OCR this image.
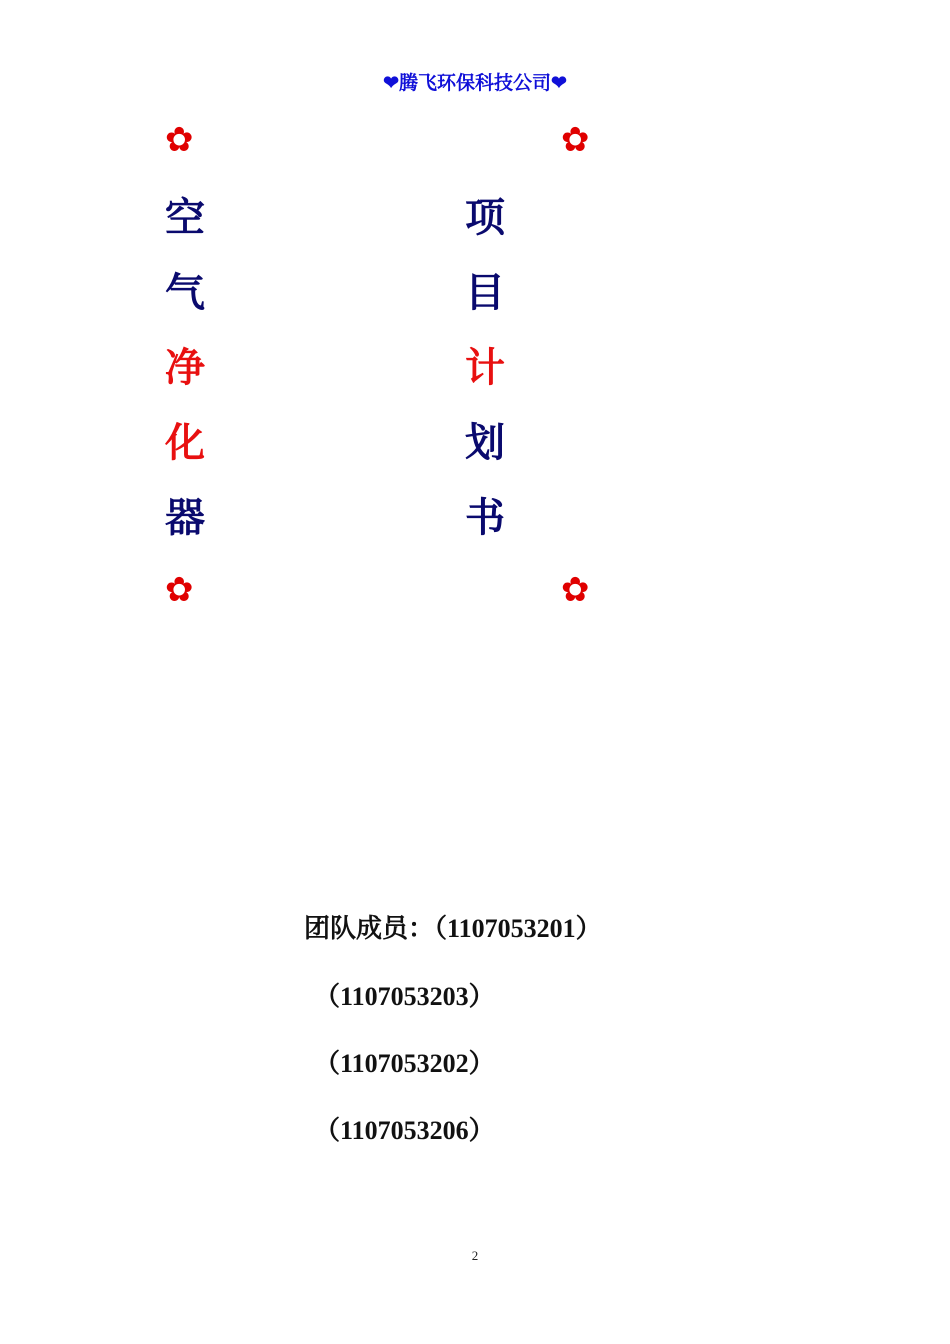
❤腾飞环保科技公司❤
✿	✿
空
气
净
化
器
项
目
计
划
书
✿	✿
团队成员：（1107053201）
（1107053203）
（1107053202）
（1107053206）
2
